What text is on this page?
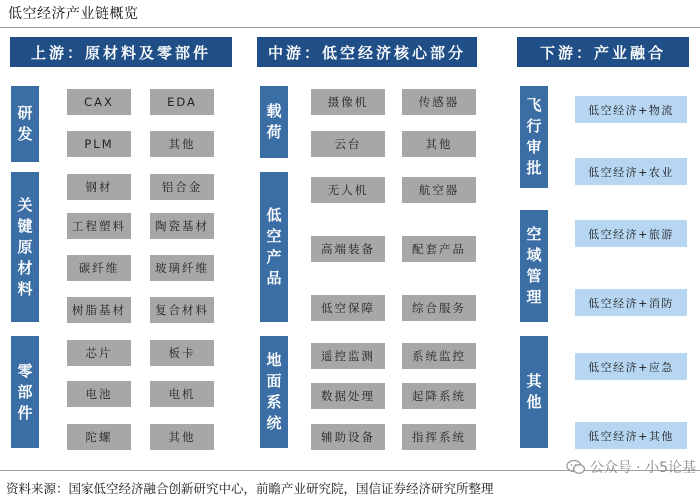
低空经济产业链概览
上游：原材料及零部件	中游：低空经济核心部分	下游：产业融合
研发
关键原材料
零部件
CAX	EDA
PLM	其他
钢材	铝合金
工程塑料	陶瓷基材
碳纤维	玻璃纤维
树脂基材	复合材料
芯片	板卡
电池	电机
陀螺	其他
载荷
低空产品
地面系统
摄像机	传感器
云台	其他
无人机	航空器
高端装备	配套产品
低空保障	综合服务
遥控监测	系统监控
数据处理	起降系统
辅助设备	指挥系统
飞行审批
空域管理
其他
低空经济+物流
低空经济+农业
低空经济+旅游
低空经济+消防
低空经济+应急
低空经济+其他
资料来源：国家低空经济融合创新研究中心，前瞻产业研究院，国信证券经济研究所整理
公众号 · 小5论基
